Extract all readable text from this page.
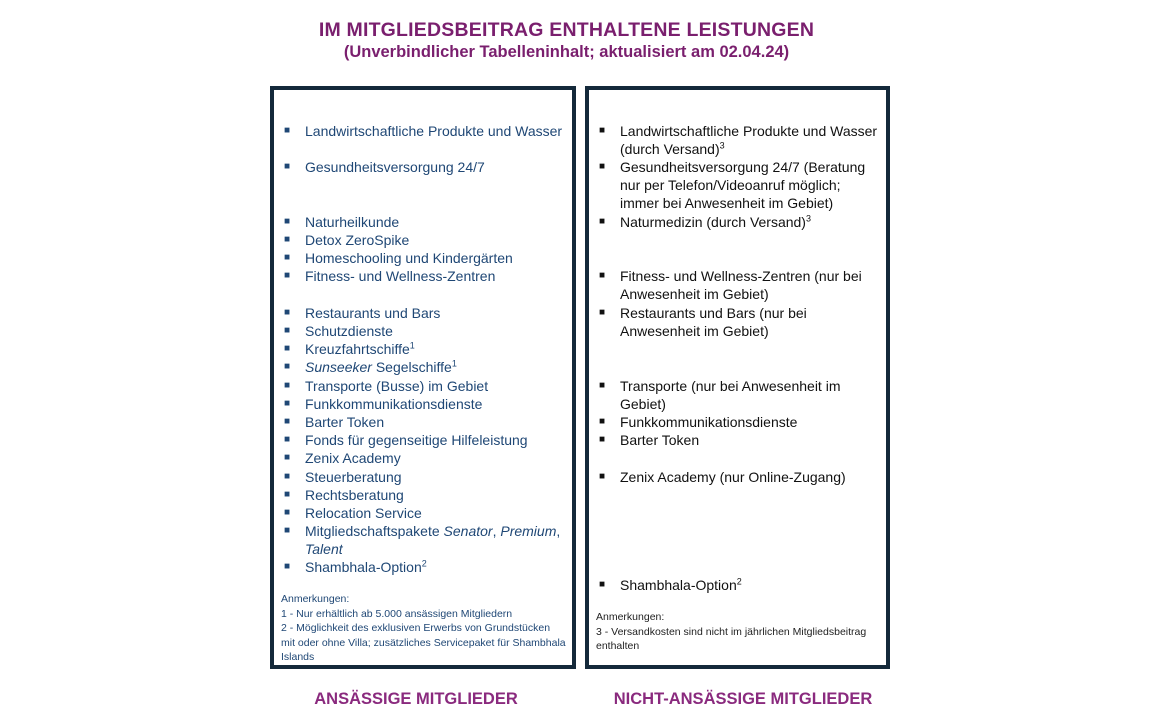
IM MITGLIEDSBEITRAG ENTHALTENE LEISTUNGEN
(Unverbindlicher Tabelleninhalt; aktualisiert am 02.04.24)
■ Landwirtschaftliche Produkte und Wasser
■ Gesundheitsversorgung 24/7
■ Naturheilkunde
■ Detox ZeroSpike
■ Homeschooling und Kindergärten
■ Fitness- und Wellness-Zentren
■ Restaurants und Bars
■ Schutzdienste
■ Kreuzfahrtschiffe$^1$
■ Sunseeker Segelschiffe$^1$
■ Transporte (Busse) im Gebiet
■ Funkkommunikationsdienste
■ Barter Token
■ Fonds für gegenseitige Hilfeleistung
■ Zenix Academy
■ Steuerberatung
■ Rechtsberatung
■ Relocation Service
■ Mitgliedschaftspakete Senator, Premium, Talent
■ Shambhala-Option$^2$
Anmerkungen:
1 - Nur erhältlich ab 5.000 ansässigen Mitgliedern
2 - Möglichkeit des exklusiven Erwerbs von Grundstücken mit oder ohne Villa; zusätzliches Servicepaket für Shambhala Islands
■ Landwirtschaftliche Produkte und Wasser (durch Versand)$^3$
■ Gesundheitsversorgung 24/7 (Beratung nur per Telefon/Videoanruf möglich; immer bei Anwesenheit im Gebiet)
■ Naturmedizin (durch Versand)$^3$
■ Fitness- und Wellness-Zentren (nur bei Anwesenheit im Gebiet)
■ Restaurants und Bars (nur bei Anwesenheit im Gebiet)
■ Transporte (nur bei Anwesenheit im Gebiet)
■ Funkkommunikationsdienste
■ Barter Token
■ Zenix Academy (nur Online-Zugang)
■ Shambhala-Option$^2$
Anmerkungen:
3 - Versandkosten sind nicht im jährlichen Mitgliedsbeitrag enthalten
ANSÄSSIGE MITGLIEDER	NICHT-ANSÄSSIGE MITGLIEDER
